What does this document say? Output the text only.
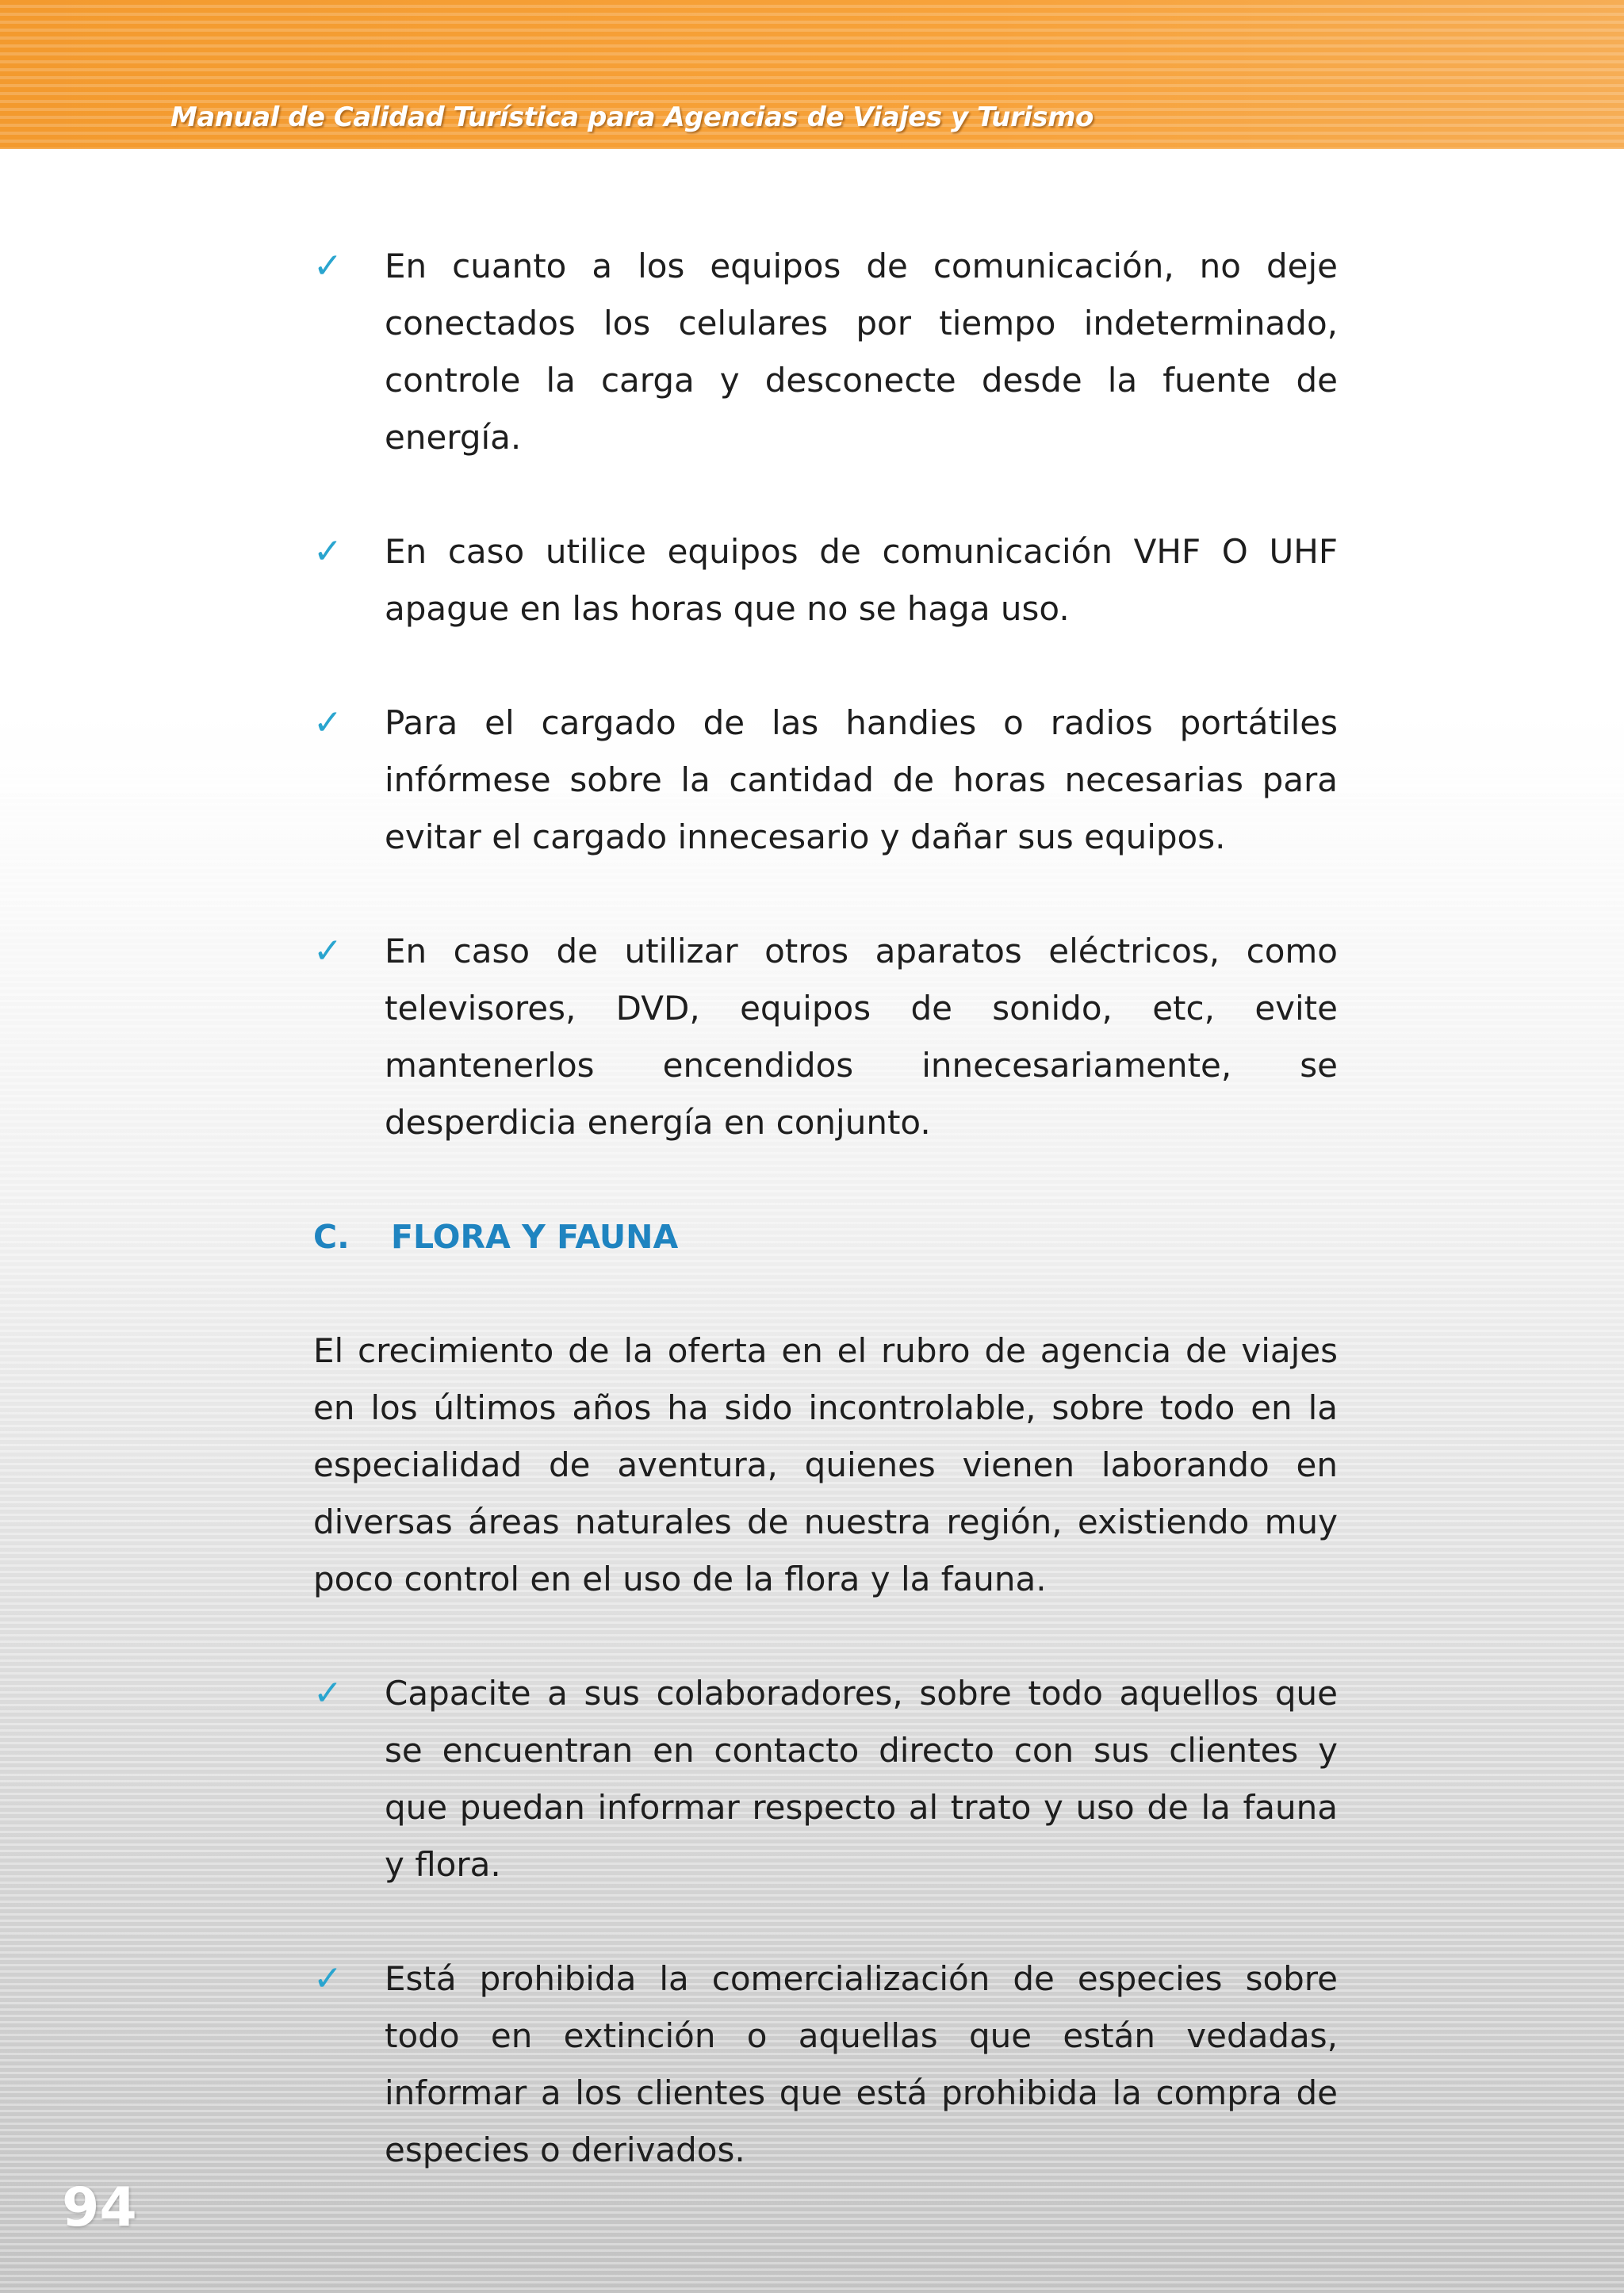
Manual de Calidad Turística para Agencias de Viajes y Turismo
✓ En cuanto a los equipos de comunicación, no deje conectados los celulares por tiempo indeterminado, controle la carga y desconecte desde la fuente de energía.
✓ En caso utilice equipos de comunicación VHF O UHF apague en las horas que no se haga uso.
✓ Para el cargado de las handies o radios portátiles infórmese sobre la cantidad de horas necesarias para evitar el cargado innecesario y dañar sus equipos.
✓ En caso de utilizar otros aparatos eléctricos, como televisores, DVD, equipos de sonido, etc, evite mantenerlos encendidos innecesariamente, se desperdicia energía en conjunto.
C. FLORA Y FAUNA
El crecimiento de la oferta en el rubro de agencia de viajes en los últimos años ha sido incontrolable, sobre todo en la especialidad de aventura, quienes vienen laborando en diversas áreas naturales de nuestra región, existiendo muy poco control en el uso de la flora y la fauna.
✓ Capacite a sus colaboradores, sobre todo aquellos que se encuentran en contacto directo con sus clientes y que puedan informar respecto al trato y uso de la fauna y flora.
✓ Está prohibida la comercialización de especies sobre todo en extinción o aquellas que están vedadas, informar a los clientes que está prohibida la compra de especies o derivados.
94
